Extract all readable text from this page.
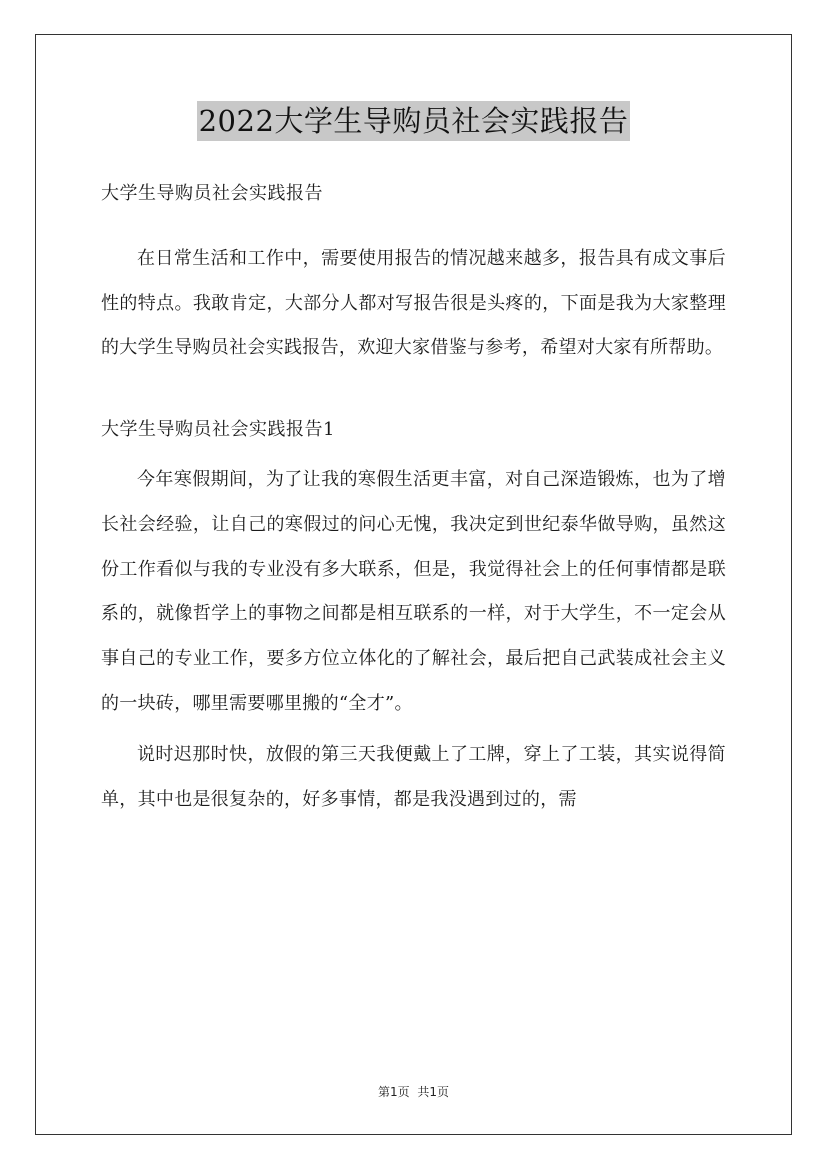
2022大学生导购员社会实践报告

大学生导购员社会实践报告

在日常生活和工作中，需要使用报告的情况越来越多，报告具有成文事后性的特点。我敢肯定，大部分人都对写报告很是头疼的，下面是我为大家整理的大学生导购员社会实践报告，欢迎大家借鉴与参考，希望对大家有所帮助。

大学生导购员社会实践报告1

今年寒假期间，为了让我的寒假生活更丰富，对自己深造锻炼，也为了增长社会经验，让自己的寒假过的问心无愧，我决定到世纪泰华做导购，虽然这份工作看似与我的专业没有多大联系，但是，我觉得社会上的任何事情都是联系的，就像哲学上的事物之间都是相互联系的一样，对于大学生，不一定会从事自己的专业工作，要多方位立体化的了解社会，最后把自己武装成社会主义的一块砖，哪里需要哪里搬的“全才”。

说时迟那时快，放假的第三天我便戴上了工牌，穿上了工装，其实说得简单，其中也是很复杂的，好多事情，都是我没遇到过的，需

第1页 共1页
